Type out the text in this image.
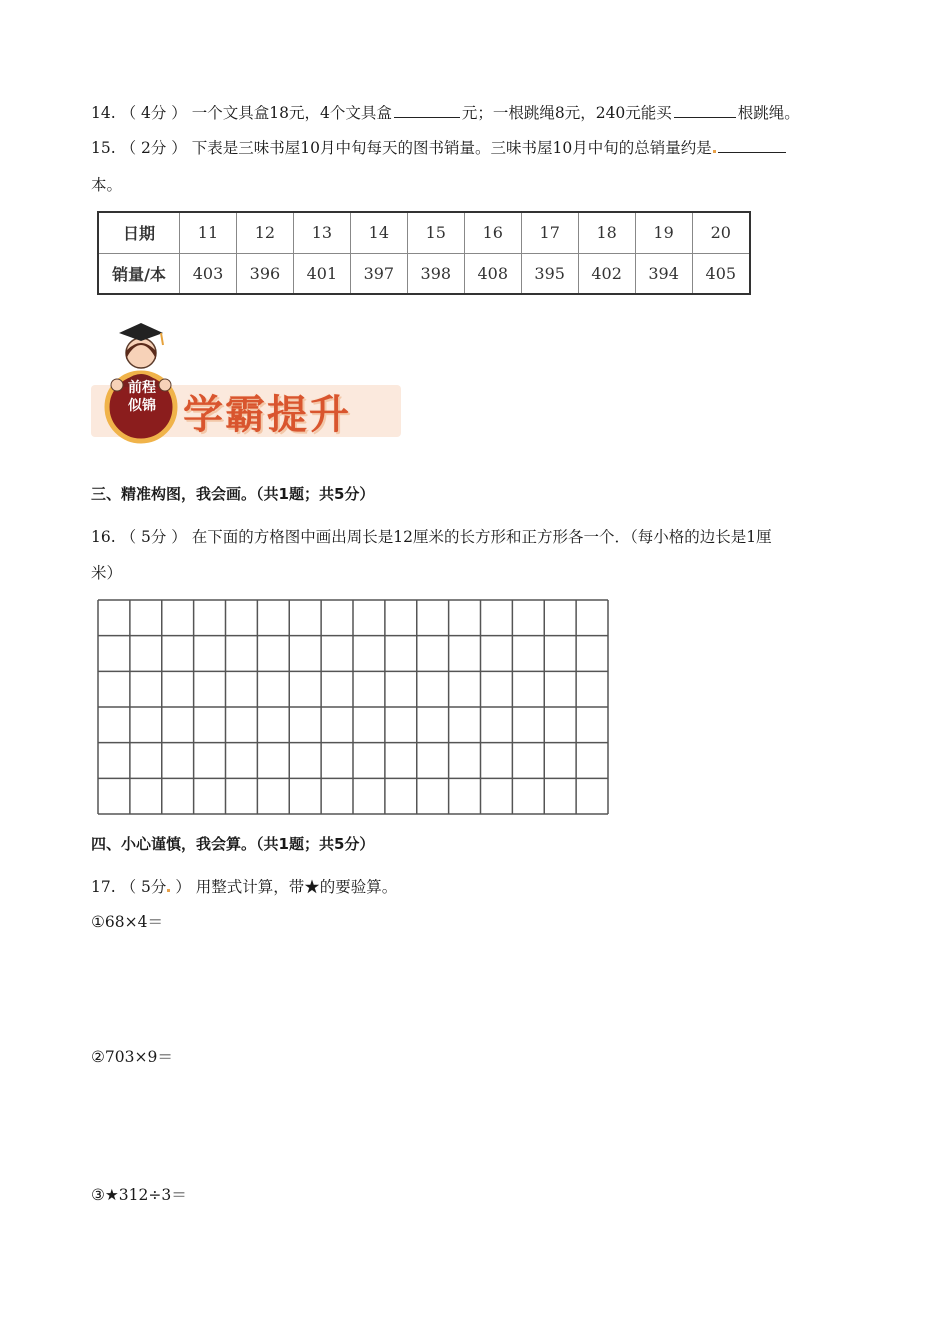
14. （ 4分 ） 一个文具盒18元，4个文具盒	元；一根跳绳8元，240元能买	根跳绳。
15. （ 2分 ） 下表是三味书屋10月中旬每天的图书销量。三味书屋10月中旬的总销量约是
本。
日期	11	12	13	14	15	16	17	18	19	20
销量/本	403	396	401	397	398	408	395	402	394	405
前程
似锦 学霸提升
三、精准构图，我会画。（共1题；共5分）
16. （ 5分 ） 在下面的方格图中画出周长是12厘米的长方形和正方形各一个．（每小格的边长是1厘
米）
四、小心谨慎，我会算。（共1题；共5分）
17. （ 5分 ） 用整式计算，带★的要验算。
①68×4＝
②703×9＝
③★312÷3＝
